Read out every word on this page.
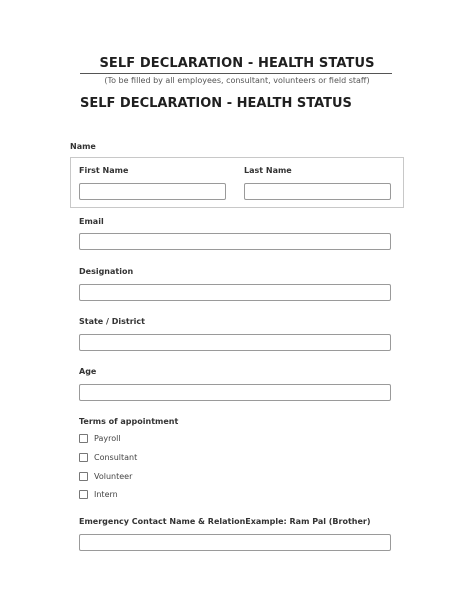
SELF DECLARATION - HEALTH STATUS
(To be filled by all employees, consultant, volunteers or field staff)
SELF DECLARATION - HEALTH STATUS
Name
First Name	Last Name
Email
Designation
State / District
Age
Terms of appointment
Payroll
Consultant
Volunteer
Intern
Emergency Contact Name & RelationExample: Ram Pal (Brother)
